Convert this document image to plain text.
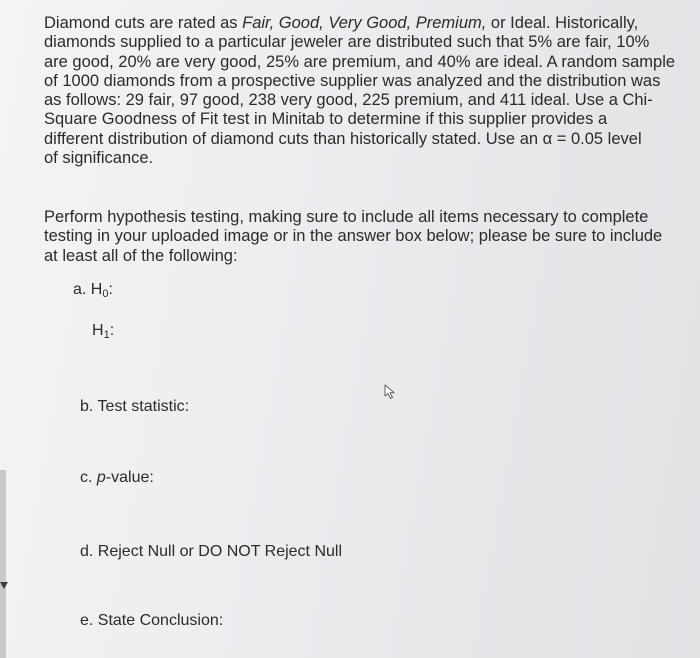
Diamond cuts are rated as Fair, Good, Very Good, Premium, or Ideal. Historically,
diamonds supplied to a particular jeweler are distributed such that 5% are fair, 10%
are good, 20% are very good, 25% are premium, and 40% are ideal. A random sample
of 1000 diamonds from a prospective supplier was analyzed and the distribution was
as follows: 29 fair, 97 good, 238 very good, 225 premium, and 411 ideal. Use a Chi-
Square Goodness of Fit test in Minitab to determine if this supplier provides a
different distribution of diamond cuts than historically stated. Use an α = 0.05 level
of significance.

Perform hypothesis testing, making sure to include all items necessary to complete
testing in your uploaded image or in the answer box below; please be sure to include
at least all of the following:

a. $H_0$:
$H_1$:
b. Test statistic:
c. p-value:
d. Reject Null or DO NOT Reject Null
e. State Conclusion:
